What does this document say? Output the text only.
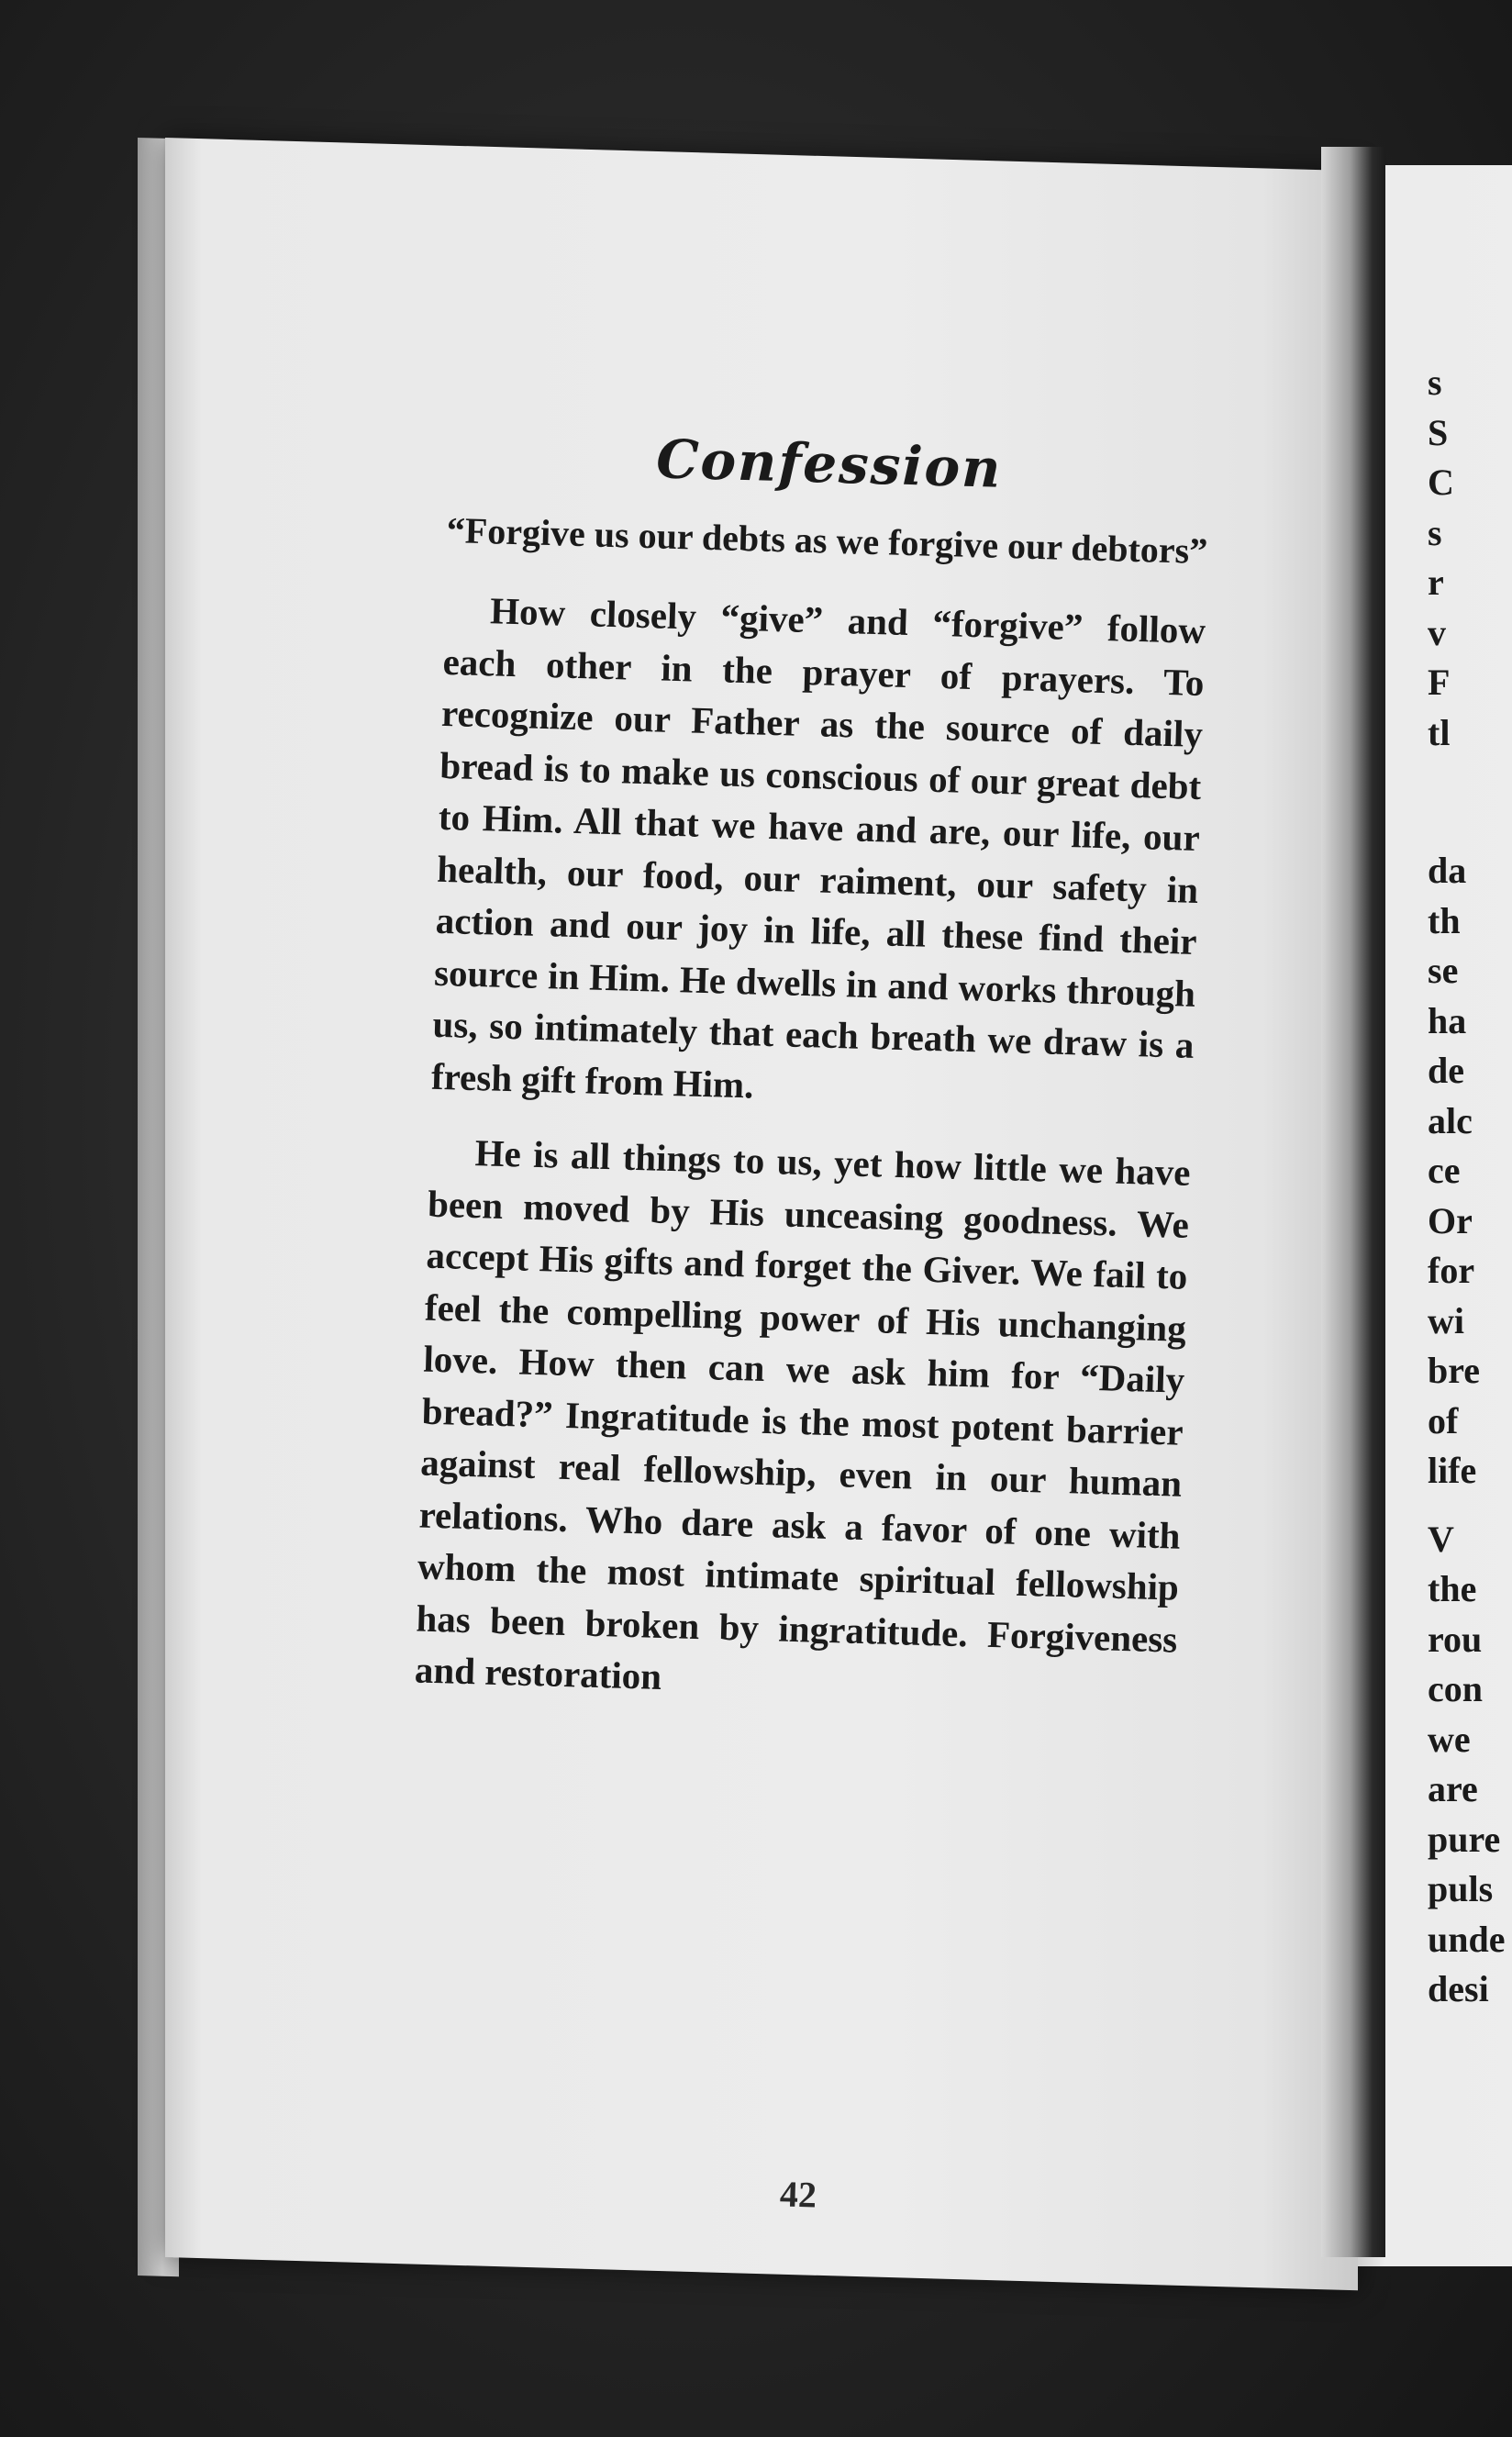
Confession
“Forgive us our debts as we forgive our debtors”

How closely “give” and “forgive” follow each other in the prayer of prayers. To recognize our Father as the source of daily bread is to make us conscious of our great debt to Him. All that we have and are, our life, our health, our food, our raiment, our safety in action and our joy in life, all these find their source in Him. He dwells in and works through us, so intimately that each breath we draw is a fresh gift from Him.

He is all things to us, yet how little we have been moved by His unceasing goodness. We accept His gifts and forget the Giver. We fail to feel the compelling power of His unchanging love. How then can we ask him for “Daily bread?” Ingratitude is the most potent barrier against real fellowship, even in our human relations. Who dare ask a favor of one with whom the most intimate spiritual fellowship has been broken by ingratitude. Forgiveness and restoration

42
s
S
C
s
r
v
F
tl
da
th
se
ha
de
alc
ce
Or
for
wi
bre
of
life
V
the
rou
con
we
are
pure
puls
unde
desi
